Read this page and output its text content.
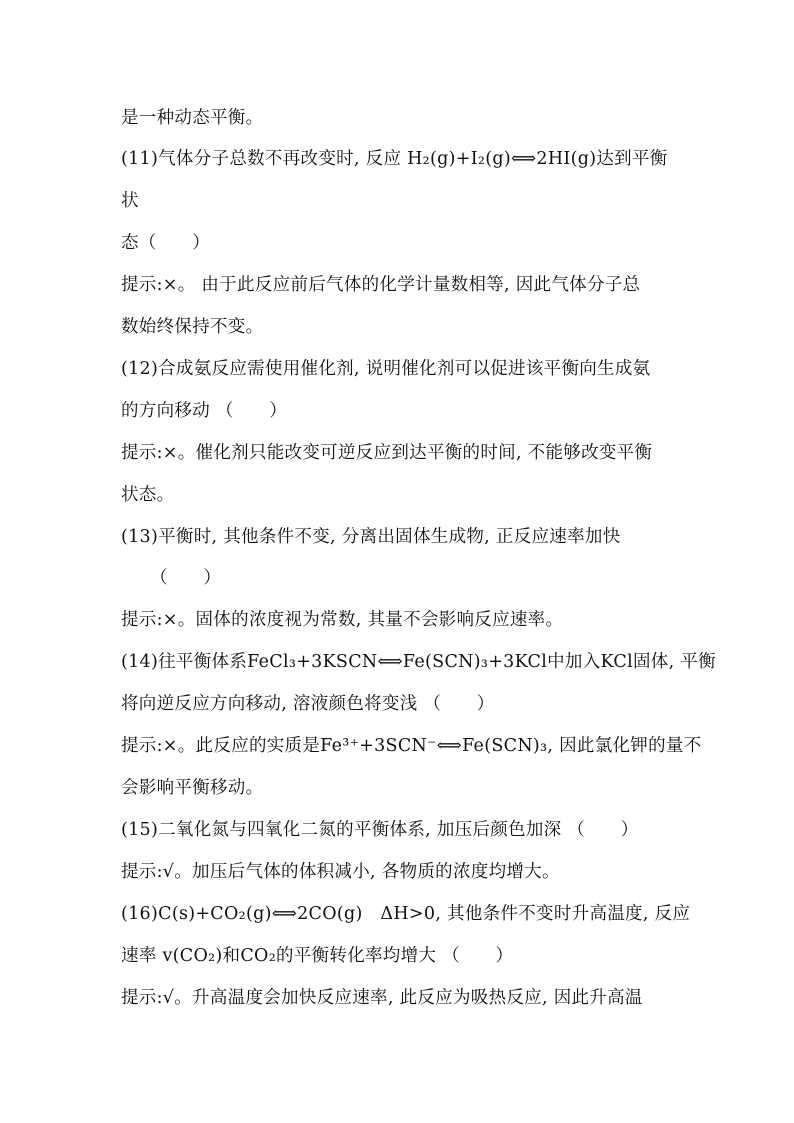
是一种动态平衡。
(11)气体分子总数不再改变时, 反应 H₂(g)+I₂(g)⟺2HI(g)达到平衡
状
态（　　）
提示:×。 由于此反应前后气体的化学计量数相等, 因此气体分子总
数始终保持不变。
(12)合成氨反应需使用催化剂, 说明催化剂可以促进该平衡向生成氨
的方向移动 （　　）
提示:×。催化剂只能改变可逆反应到达平衡的时间, 不能够改变平衡
状态。
(13)平衡时, 其他条件不变, 分离出固体生成物, 正反应速率加快
（　　）
提示:×。固体的浓度视为常数, 其量不会影响反应速率。
(14)往平衡体系FeCl₃+3KSCN⟺Fe(SCN)₃+3KCl中加入KCl固体, 平衡
将向逆反应方向移动, 溶液颜色将变浅 （　　）
提示:×。此反应的实质是Fe³⁺+3SCN⁻⟺Fe(SCN)₃, 因此氯化钾的量不
会影响平衡移动。
(15)二氧化氮与四氧化二氮的平衡体系, 加压后颜色加深 （　　）
提示:√。加压后气体的体积减小, 各物质的浓度均增大。
(16)C(s)+CO₂(g)⟺2CO(g)　ΔH>0, 其他条件不变时升高温度, 反应
速率 v(CO₂)和CO₂的平衡转化率均增大 （　　）
提示:√。升高温度会加快反应速率, 此反应为吸热反应, 因此升高温
